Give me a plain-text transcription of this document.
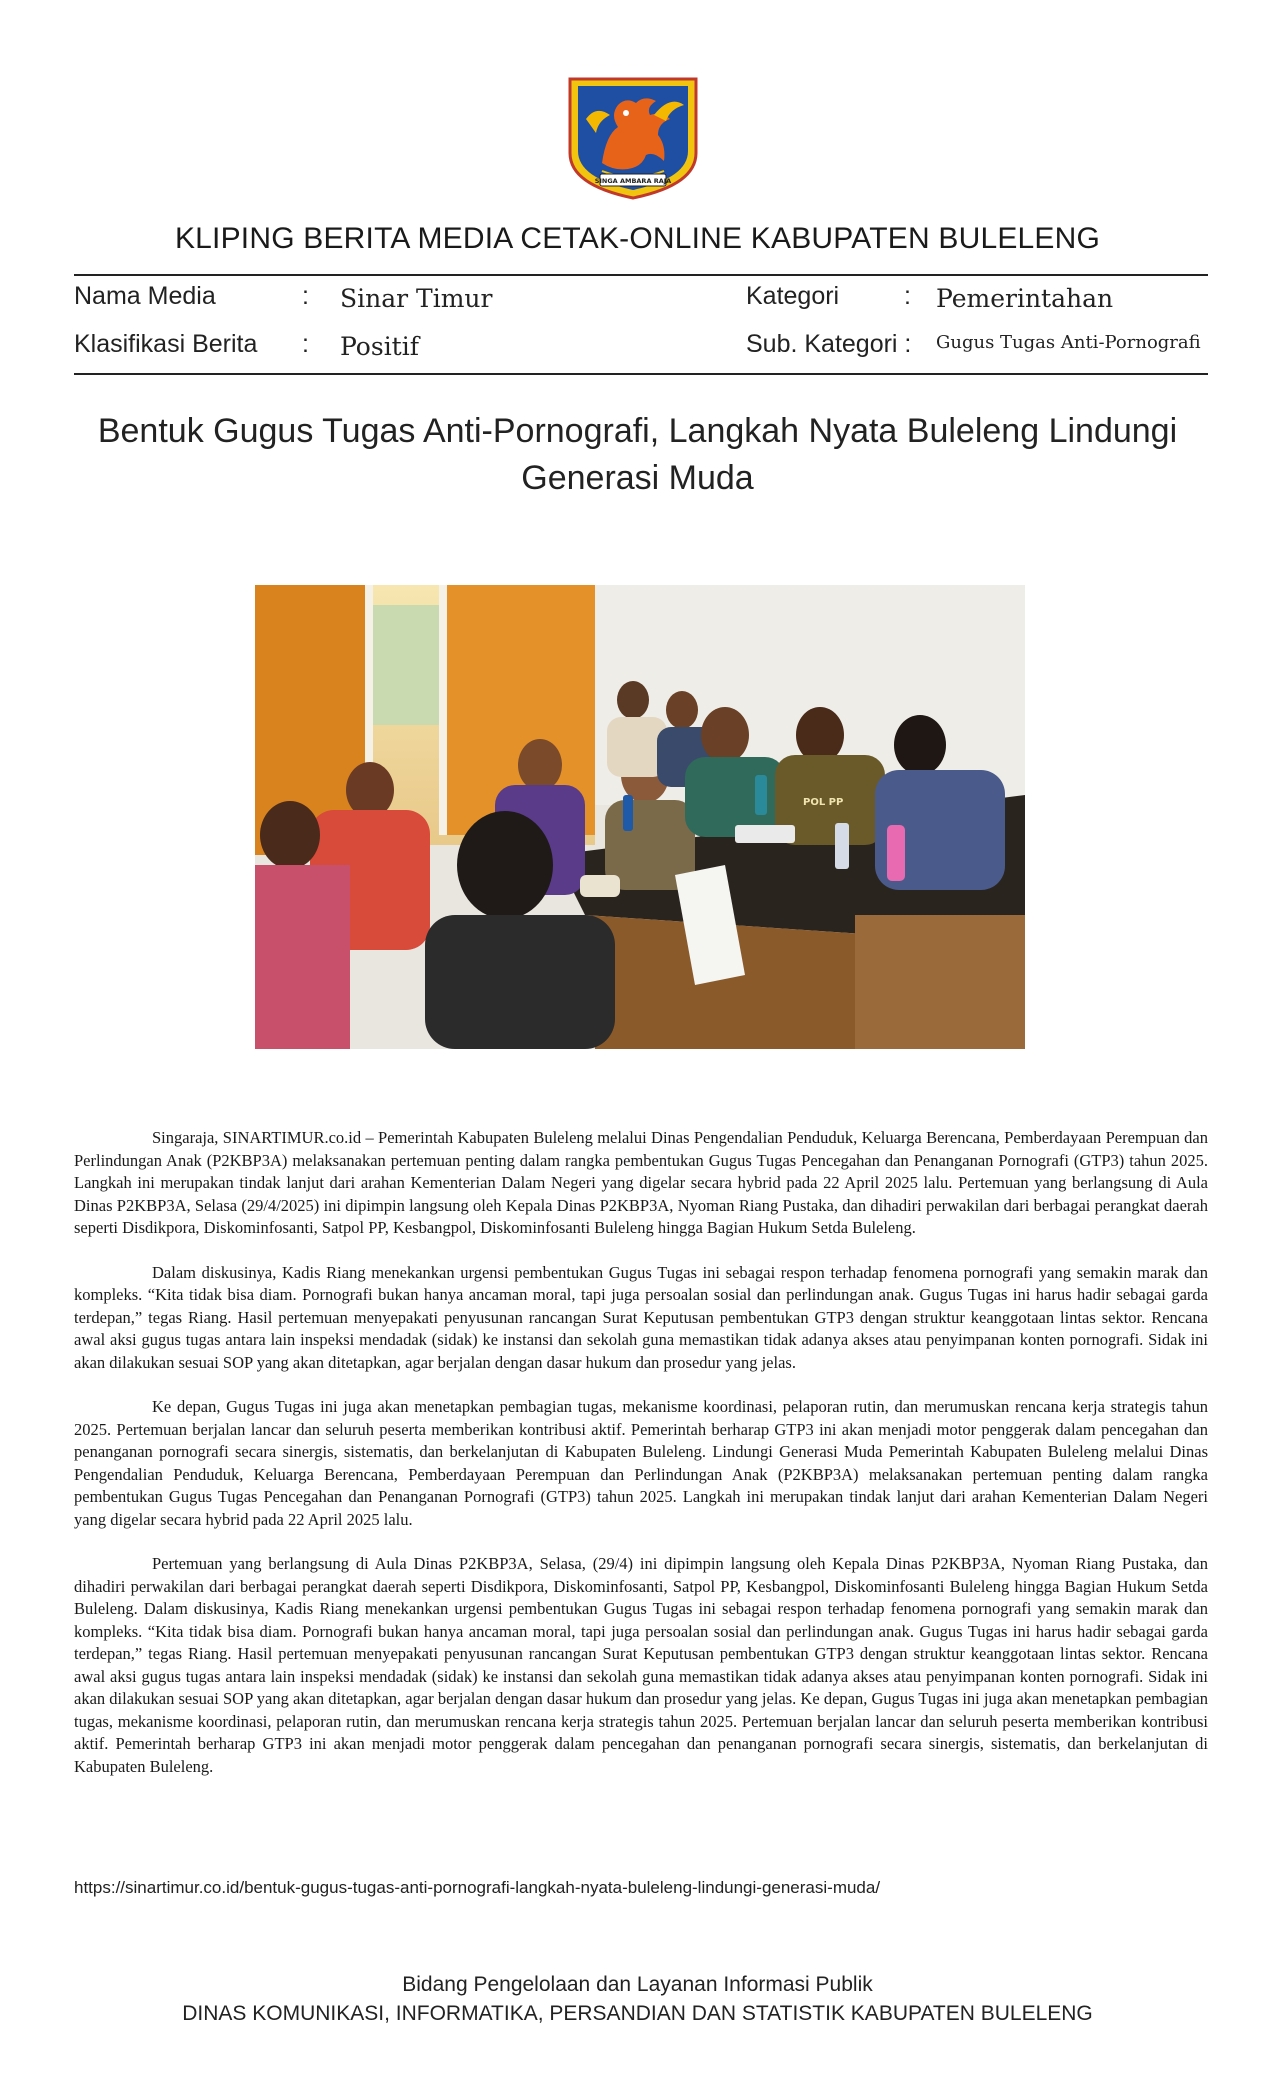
SINGA AMBARA RAJA
KLIPING BERITA MEDIA CETAK-ONLINE KABUPATEN BULELENG
Nama Media	: Sinar Timur
Klasifikasi Berita : Positif
Kategori	: Pemerintahan
Sub. Kategori : Gugus Tugas Anti-Pornografi
Bentuk Gugus Tugas Anti-Pornografi, Langkah Nyata Buleleng Lindungi Generasi Muda
POL PP

Singaraja, SINARTIMUR.co.id – Pemerintah Kabupaten Buleleng melalui Dinas Pengendalian Penduduk, Keluarga Berencana, Pemberdayaan Perempuan dan Perlindungan Anak (P2KBP3A) melaksanakan pertemuan penting dalam rangka pembentukan Gugus Tugas Pencegahan dan Penanganan Pornografi (GTP3) tahun 2025. Langkah ini merupakan tindak lanjut dari arahan Kementerian Dalam Negeri yang digelar secara hybrid pada 22 April 2025 lalu. Pertemuan yang berlangsung di Aula Dinas P2KBP3A, Selasa (29/4/2025) ini dipimpin langsung oleh Kepala Dinas P2KBP3A, Nyoman Riang Pustaka, dan dihadiri perwakilan dari berbagai perangkat daerah seperti Disdikpora, Diskominfosanti, Satpol PP, Kesbangpol, Diskominfosanti Buleleng hingga Bagian Hukum Setda Buleleng.

Dalam diskusinya, Kadis Riang menekankan urgensi pembentukan Gugus Tugas ini sebagai respon terhadap fenomena pornografi yang semakin marak dan kompleks. “Kita tidak bisa diam. Pornografi bukan hanya ancaman moral, tapi juga persoalan sosial dan perlindungan anak. Gugus Tugas ini harus hadir sebagai garda terdepan,” tegas Riang. Hasil pertemuan menyepakati penyusunan rancangan Surat Keputusan pembentukan GTP3 dengan struktur keanggotaan lintas sektor. Rencana awal aksi gugus tugas antara lain inspeksi mendadak (sidak) ke instansi dan sekolah guna memastikan tidak adanya akses atau penyimpanan konten pornografi. Sidak ini akan dilakukan sesuai SOP yang akan ditetapkan, agar berjalan dengan dasar hukum dan prosedur yang jelas.

Ke depan, Gugus Tugas ini juga akan menetapkan pembagian tugas, mekanisme koordinasi, pelaporan rutin, dan merumuskan rencana kerja strategis tahun 2025. Pertemuan berjalan lancar dan seluruh peserta memberikan kontribusi aktif. Pemerintah berharap GTP3 ini akan menjadi motor penggerak dalam pencegahan dan penanganan pornografi secara sinergis, sistematis, dan berkelanjutan di Kabupaten Buleleng. Lindungi Generasi Muda Pemerintah Kabupaten Buleleng melalui Dinas Pengendalian Penduduk, Keluarga Berencana, Pemberdayaan Perempuan dan Perlindungan Anak (P2KBP3A) melaksanakan pertemuan penting dalam rangka pembentukan Gugus Tugas Pencegahan dan Penanganan Pornografi (GTP3) tahun 2025. Langkah ini merupakan tindak lanjut dari arahan Kementerian Dalam Negeri yang digelar secara hybrid pada 22 April 2025 lalu.

Pertemuan yang berlangsung di Aula Dinas P2KBP3A, Selasa, (29/4) ini dipimpin langsung oleh Kepala Dinas P2KBP3A, Nyoman Riang Pustaka, dan dihadiri perwakilan dari berbagai perangkat daerah seperti Disdikpora, Diskominfosanti, Satpol PP, Kesbangpol, Diskominfosanti Buleleng hingga Bagian Hukum Setda Buleleng. Dalam diskusinya, Kadis Riang menekankan urgensi pembentukan Gugus Tugas ini sebagai respon terhadap fenomena pornografi yang semakin marak dan kompleks. “Kita tidak bisa diam. Pornografi bukan hanya ancaman moral, tapi juga persoalan sosial dan perlindungan anak. Gugus Tugas ini harus hadir sebagai garda terdepan,” tegas Riang. Hasil pertemuan menyepakati penyusunan rancangan Surat Keputusan pembentukan GTP3 dengan struktur keanggotaan lintas sektor. Rencana awal aksi gugus tugas antara lain inspeksi mendadak (sidak) ke instansi dan sekolah guna memastikan tidak adanya akses atau penyimpanan konten pornografi. Sidak ini akan dilakukan sesuai SOP yang akan ditetapkan, agar berjalan dengan dasar hukum dan prosedur yang jelas. Ke depan, Gugus Tugas ini juga akan menetapkan pembagian tugas, mekanisme koordinasi, pelaporan rutin, dan merumuskan rencana kerja strategis tahun 2025. Pertemuan berjalan lancar dan seluruh peserta memberikan kontribusi aktif. Pemerintah berharap GTP3 ini akan menjadi motor penggerak dalam pencegahan dan penanganan pornografi secara sinergis, sistematis, dan berkelanjutan di Kabupaten Buleleng.

https://sinartimur.co.id/bentuk-gugus-tugas-anti-pornografi-langkah-nyata-buleleng-lindungi-generasi-muda/
Bidang Pengelolaan dan Layanan Informasi Publik
DINAS KOMUNIKASI, INFORMATIKA, PERSANDIAN DAN STATISTIK KABUPATEN BULELENG
